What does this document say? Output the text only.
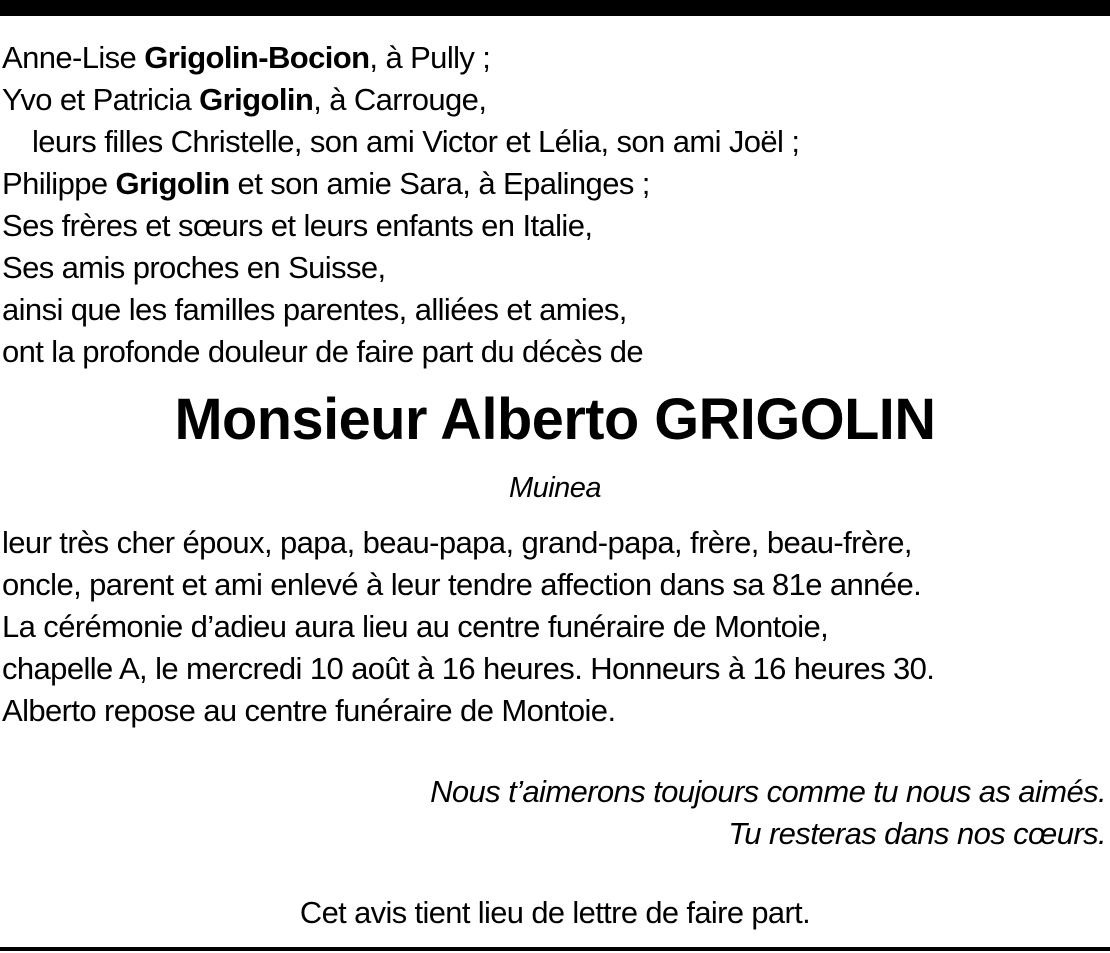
Anne-Lise Grigolin-Bocion, à Pully ;
Yvo et Patricia Grigolin, à Carrouge,
leurs filles Christelle, son ami Victor et Lélia, son ami Joël ;
Philippe Grigolin et son amie Sara, à Epalinges ;
Ses frères et sœurs et leurs enfants en Italie,
Ses amis proches en Suisse,
ainsi que les familles parentes, alliées et amies,
ont la profonde douleur de faire part du décès de
Monsieur Alberto GRIGOLIN
Muinea
leur très cher époux, papa, beau-papa, grand-papa, frère, beau-frère,
oncle, parent et ami enlevé à leur tendre affection dans sa 81e année.
La cérémonie d’adieu aura lieu au centre funéraire de Montoie,
chapelle A, le mercredi 10 août à 16 heures. Honneurs à 16 heures 30.
Alberto repose au centre funéraire de Montoie.
Nous t’aimerons toujours comme tu nous as aimés.
Tu resteras dans nos cœurs.
Cet avis tient lieu de lettre de faire part.
